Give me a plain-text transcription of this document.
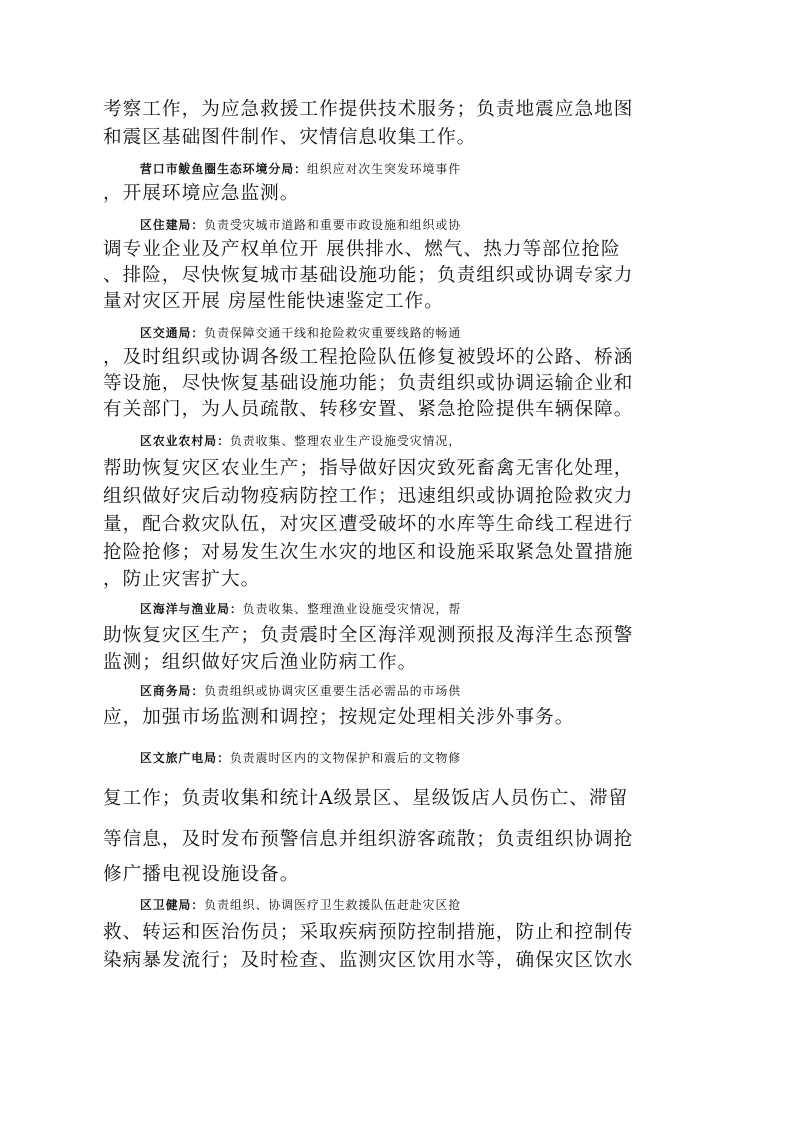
考察工作，为应急救援工作提供技术服务；负责地震应急地图
和震区基础图件制作、灾情信息收集工作。
营口市鲅鱼圈生态环境分局：组织应对次生突发环境事件
，开展环境应急监测。
区住建局：负责受灾城市道路和重要市政设施和组织或协
调专业企业及产权单位开 展供排水、燃气、热力等部位抢险
、排险，尽快恢复城市基础设施功能；负责组织或协调专家力
量对灾区开展 房屋性能快速鉴定工作。
区交通局：负责保障交通干线和抢险救灾重要线路的畅通
，及时组织或协调各级工程抢险队伍修复被毁坏的公路、桥涵
等设施，尽快恢复基础设施功能；负责组织或协调运输企业和
有关部门，为人员疏散、转移安置、紧急抢险提供车辆保障。
区农业农村局：负责收集、整理农业生产设施受灾情况，
帮助恢复灾区农业生产；指导做好因灾致死畜禽无害化处理，
组织做好灾后动物疫病防控工作；迅速组织或协调抢险救灾力
量，配合救灾队伍，对灾区遭受破坏的水库等生命线工程进行
抢险抢修；对易发生次生水灾的地区和设施采取紧急处置措施
，防止灾害扩大。
区海洋与渔业局：负责收集、整理渔业设施受灾情况，帮
助恢复灾区生产；负责震时全区海洋观测预报及海洋生态预警
监测；组织做好灾后渔业防病工作。
区商务局：负责组织或协调灾区重要生活必需品的市场供
应，加强市场监测和调控；按规定处理相关涉外事务。
区文旅广电局：负责震时区内的文物保护和震后的文物修
复工作；负责收集和统计A级景区、星级饭店人员伤亡、滞留
等信息，及时发布预警信息并组织游客疏散；负责组织协调抢
修广播电视设施设备。
区卫健局：负责组织、协调医疗卫生救援队伍赶赴灾区抢
救、转运和医治伤员；采取疾病预防控制措施，防止和控制传
染病暴发流行；及时检查、监测灾区饮用水等，确保灾区饮水
